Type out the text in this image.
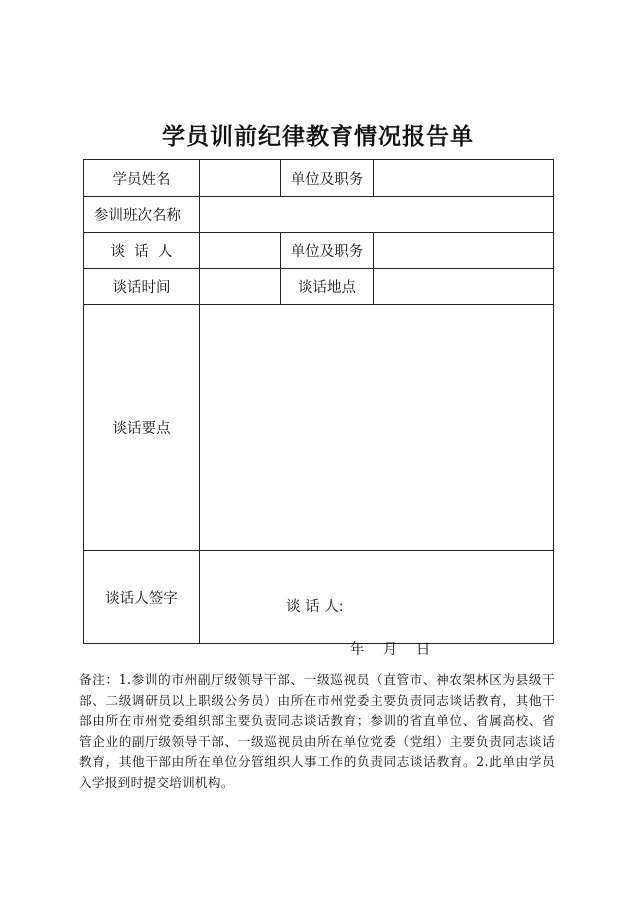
学员训前纪律教育情况报告单
学员姓名		单位及职务	
参训班次名称			
谈  话  人		单位及职务	
谈话时间		谈话地点	
谈话要点			
谈话人签字	谈 话 人:
年    月    日		
备注：1.参训的市州副厅级领导干部、一级巡视员（直管市、神农架林区为县级干部、二级调研员以上职级公务员）由所在市州党委主要负责同志谈话教育，其他干部由所在市州党委组织部主要负责同志谈话教育；参训的省直单位、省属高校、省管企业的副厅级领导干部、一级巡视员由所在单位党委（党组）主要负责同志谈话教育，其他干部由所在单位分管组织人事工作的负责同志谈话教育。2.此单由学员入学报到时提交培训机构。
